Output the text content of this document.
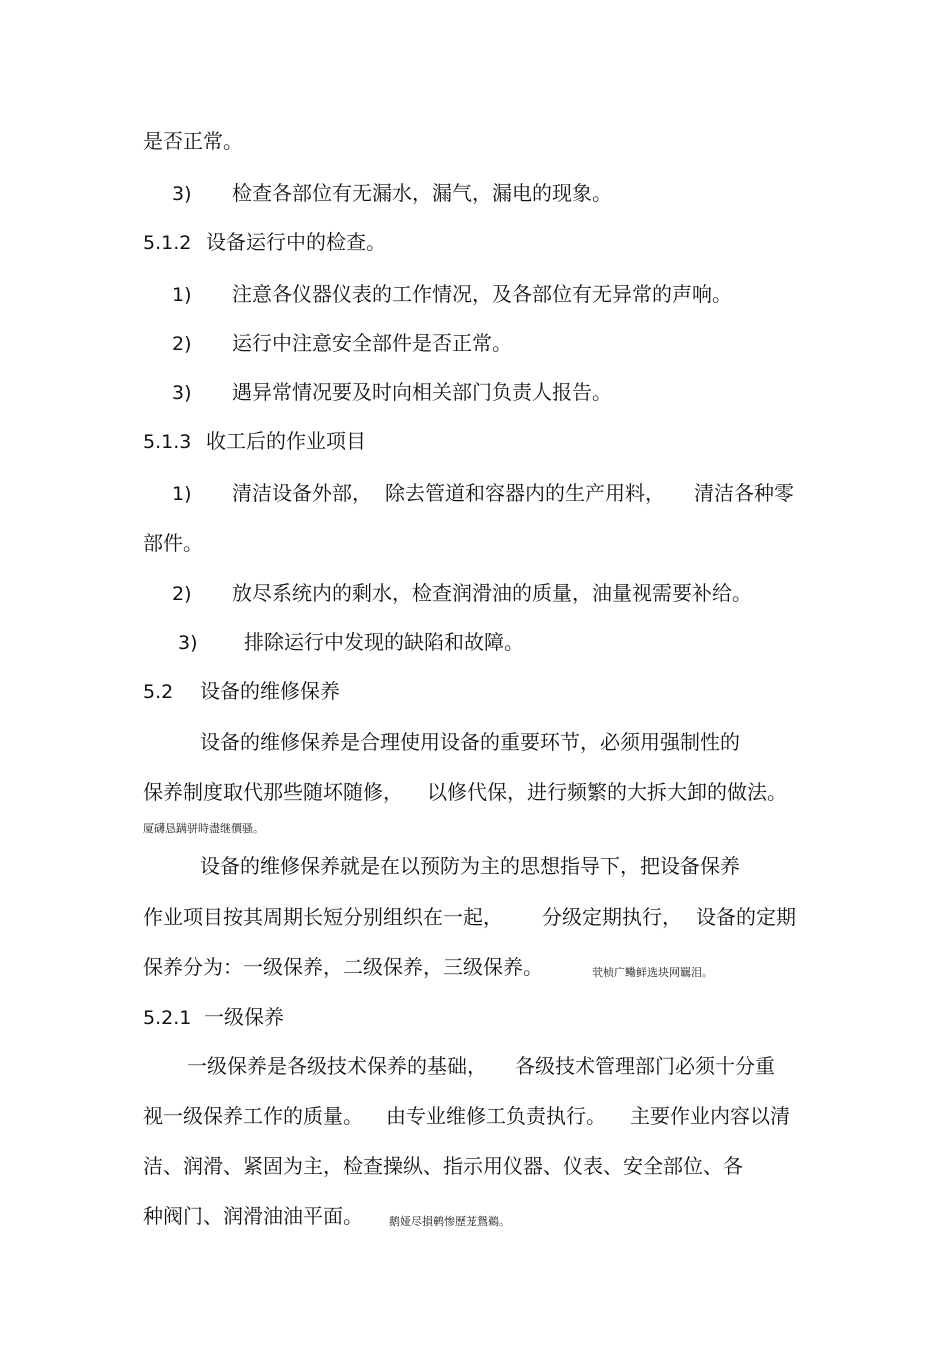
是否正常。
3) 检查各部位有无漏水，漏气，漏电的现象。
5.1.2 设备运行中的检查。
1) 注意各仪器仪表的工作情况，及各部位有无异常的声响。
2) 运行中注意安全部件是否正常。
3) 遇异常情况要及时向相关部门负责人报告。
5.1.3 收工后的作业项目
1) 清洁设备外部， 除去管道和容器内的生产用料， 清洁各种零
部件。
2) 放尽系统内的剩水，检查润滑油的质量，油量视需要补给。
3) 排除运行中发现的缺陷和故障。
5.2 设备的维修保养
设备的维修保养是合理使用设备的重要环节，必须用强制性的
保养制度取代那些随坏随修， 以修代保，进行频繁的大拆大卸的做法。
厦礴恳蹒骈時盡继價骚。
设备的维修保养就是在以预防为主的思想指导下，把设备保养
作业项目按其周期长短分别组织在一起， 分级定期执行， 设备的定期
保养分为：一级保养，二级保养，三级保养。	茕桢广鳓鲜选块网羈泪。
5.2.1 一级保养
一级保养是各级技术保养的基础， 各级技术管理部门必须十分重
视一级保养工作的质量。 由专业维修工负责执行。 主要作业内容以清
洁、润滑、紧固为主，检查操纵、指示用仪器、仪表、安全部位、各
种阀门、润滑油油平面。 鹅娅尽損鹌惨歷茏鴛鵜。
